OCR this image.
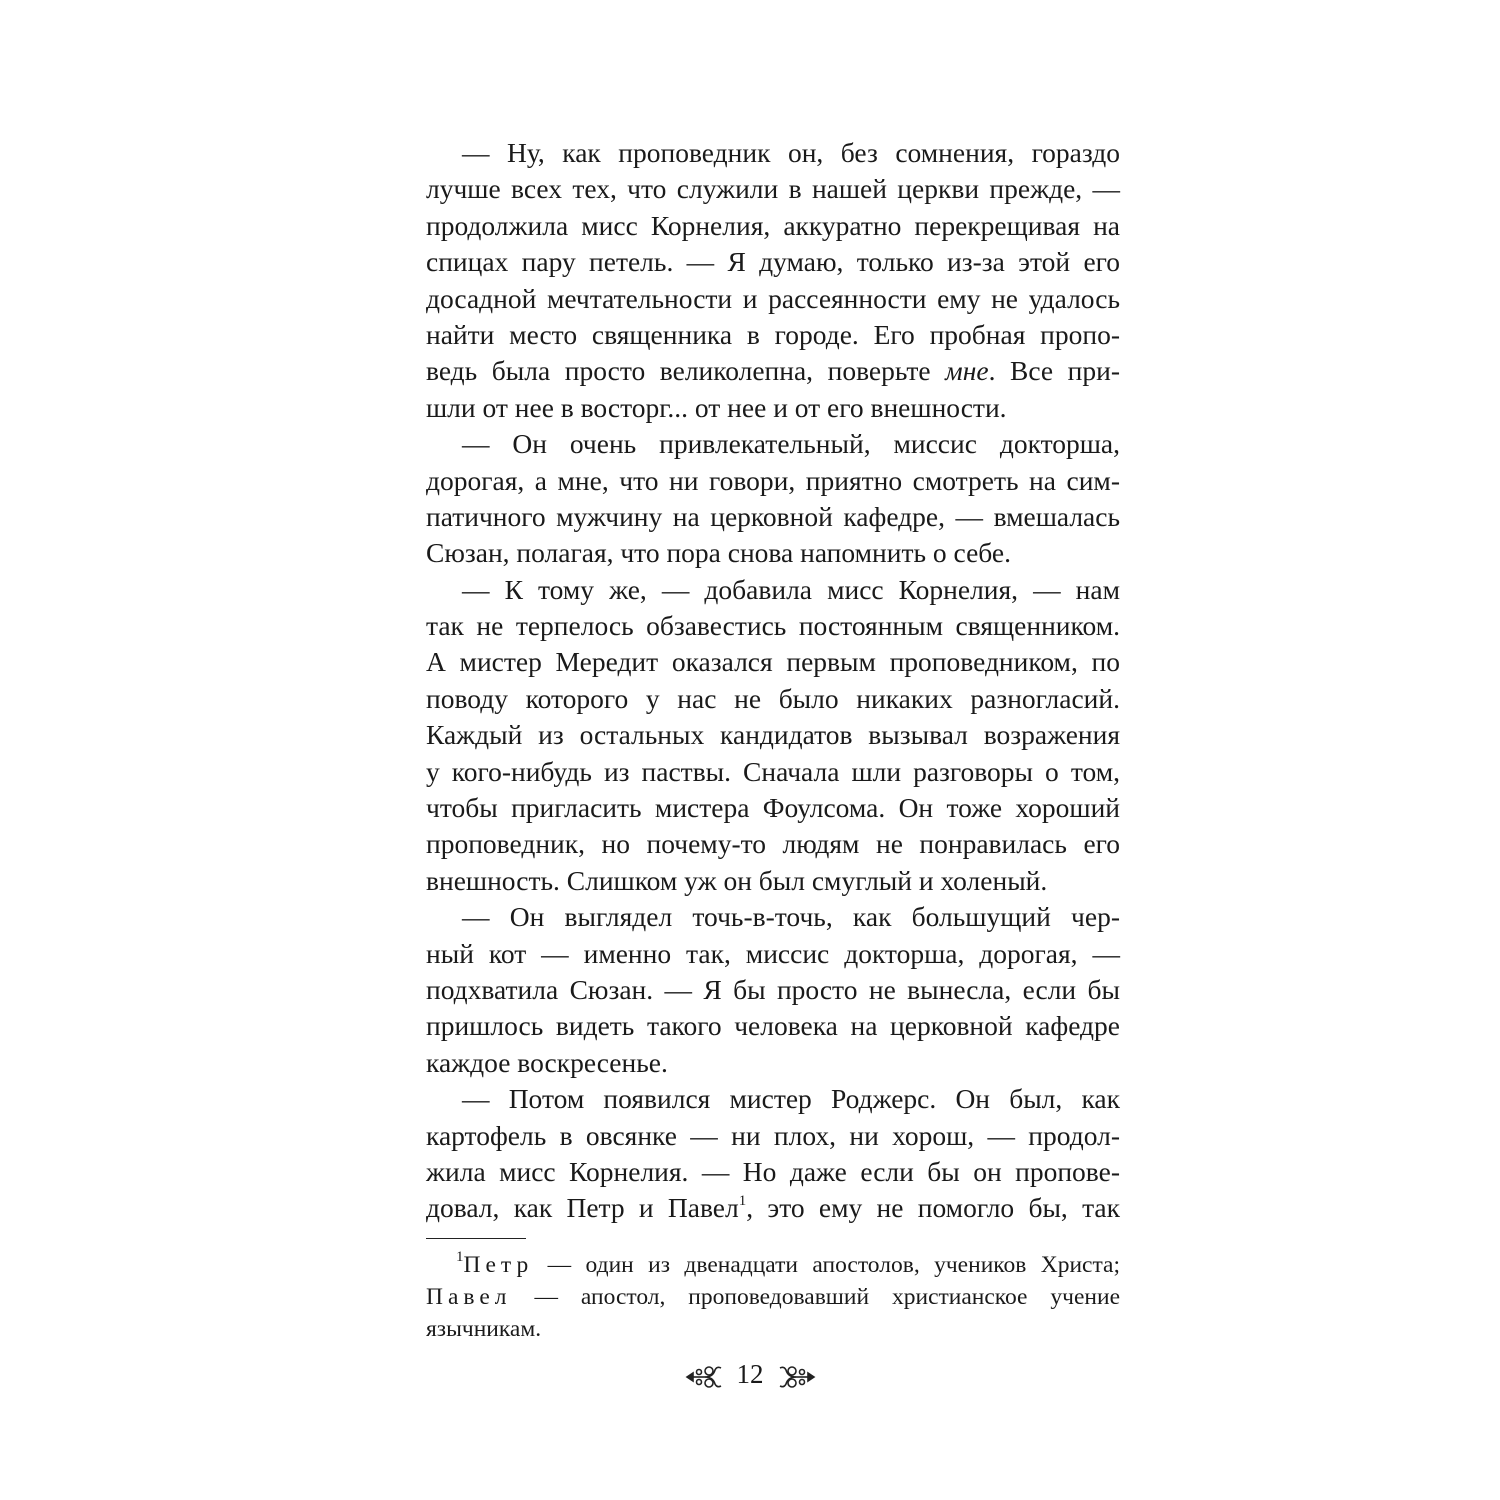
— Ну, как проповедник он, без сомнения, гораздо
лучше всех тех, что служили в нашей церкви прежде, —
продолжила мисс Корнелия, аккуратно перекрещивая на
спицах пару петель. — Я думаю, только из-за этой его
досадной мечтательности и рассеянности ему не удалось
найти место священника в городе. Его пробная пропо-
ведь была просто великолепна, поверьте мне. Все при-
шли от нее в восторг... от нее и от его внешности.
— Он очень привлекательный, миссис докторша,
дорогая, а мне, что ни говори, приятно смотреть на сим-
патичного мужчину на церковной кафедре, — вмешалась
Сюзан, полагая, что пора снова напомнить о себе.
— К тому же, — добавила мисс Корнелия, — нам
так не терпелось обзавестись постоянным священником.
А мистер Мередит оказался первым проповедником, по
поводу которого у нас не было никаких разногласий.
Каждый из остальных кандидатов вызывал возражения
у кого-нибудь из паствы. Сначала шли разговоры о том,
чтобы пригласить мистера Фоулсома. Он тоже хороший
проповедник, но почему-то людям не понравилась его
внешность. Слишком уж он был смуглый и холеный.
— Он выглядел точь-в-точь, как большущий чер-
ный кот — именно так, миссис докторша, дорогая, —
подхватила Сюзан. — Я бы просто не вынесла, если бы
пришлось видеть такого человека на церковной кафедре
каждое воскресенье.
— Потом появился мистер Роджерс. Он был, как
картофель в овсянке — ни плох, ни хорош, — продол-
жила мисс Корнелия. — Но даже если бы он пропове-
довал, как Петр и Павел$^1$, это ему не помогло бы, так
$^1$Петр — один из двенадцати апостолов, учеников Христа;
Павел — апостол, проповедовавший христианское учение
язычникам.
12
